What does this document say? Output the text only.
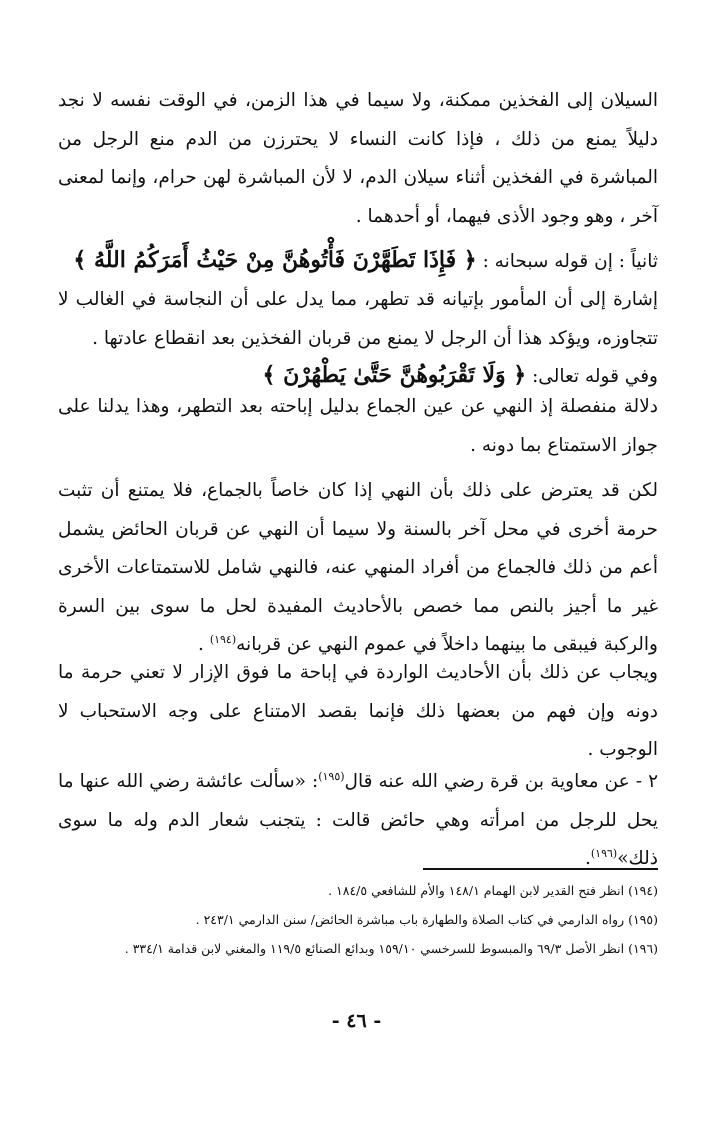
السيلان إلى الفخذين ممكنة، ولا سيما في هذا الزمن، في الوقت نفسه لا نجد دليلاً يمنع من ذلك ، فإذا كانت النساء لا يحترزن من الدم منع الرجل من المباشرة في الفخذين أثناء سيلان الدم، لا لأن المباشرة لهن حرام، وإنما لمعنى آخر ، وهو وجود الأذى فيهما، أو أحدهما .

ثانياً : إن قوله سبحانه : ﴿ فَإِذَا تَطَهَّرْنَ فَأْتُوهُنَّ مِنْ حَيْثُ أَمَرَكُمُ اللَّهُ ﴾

إشارة إلى أن المأمور بإتيانه قد تطهر، مما يدل على أن النجاسة في الغالب لا تتجاوزه، ويؤكد هذا أن الرجل لا يمنع من قربان الفخذين بعد انقطاع عادتها .

وفي قوله تعالى: ﴿ وَلَا تَقْرَبُوهُنَّ حَتَّىٰ يَطْهُرْنَ ﴾

دلالة منفصلة إذ النهي عن عين الجماع بدليل إباحته بعد التطهر، وهذا يدلنا على جواز الاستمتاع بما دونه .

لكن قد يعترض على ذلك بأن النهي إذا كان خاصاً بالجماع، فلا يمتنع أن تثبت حرمة أخرى في محل آخر بالسنة ولا سيما أن النهي عن قربان الحائض يشمل أعم من ذلك فالجماع من أفراد المنهي عنه، فالنهي شامل للاستمتاعات الأخرى غير ما أجيز بالنص مما خصص بالأحاديث المفيدة لحل ما سوى بين السرة والركبة فيبقى ما بينهما داخلاً في عموم النهي عن قربانه$^{(١٩٤)}$ .

ويجاب عن ذلك بأن الأحاديث الواردة في إباحة ما فوق الإزار لا تعني حرمة ما دونه وإن فهم من بعضها ذلك فإنما بقصد الامتناع على وجه الاستحباب لا الوجوب .

٢ - عن معاوية بن قرة رضي الله عنه قال$^{(١٩٥)}$: «سألت عائشة رضي الله عنها ما يحل للرجل من امرأته وهي حائض قالت : يتجنب شعار الدم وله ما سوى ذلك»$^{(١٩٦)}$.

(١٩٤) انظر فتح القدير لابن الهمام ١٤٨/١ والأم للشافعي ١٨٤/٥ .
(١٩٥) رواه الدارمي في كتاب الصلاة والطهارة باب مباشرة الحائض/ سنن الدارمي ٢٤٣/١ .
(١٩٦) انظر الأصل ٦٩/٣ والمبسوط للسرخسي ١٥٩/١٠ وبدائع الصنائع ١١٩/٥ والمغني لابن قدامة ٣٣٤/١ .
- ٤٦ -
